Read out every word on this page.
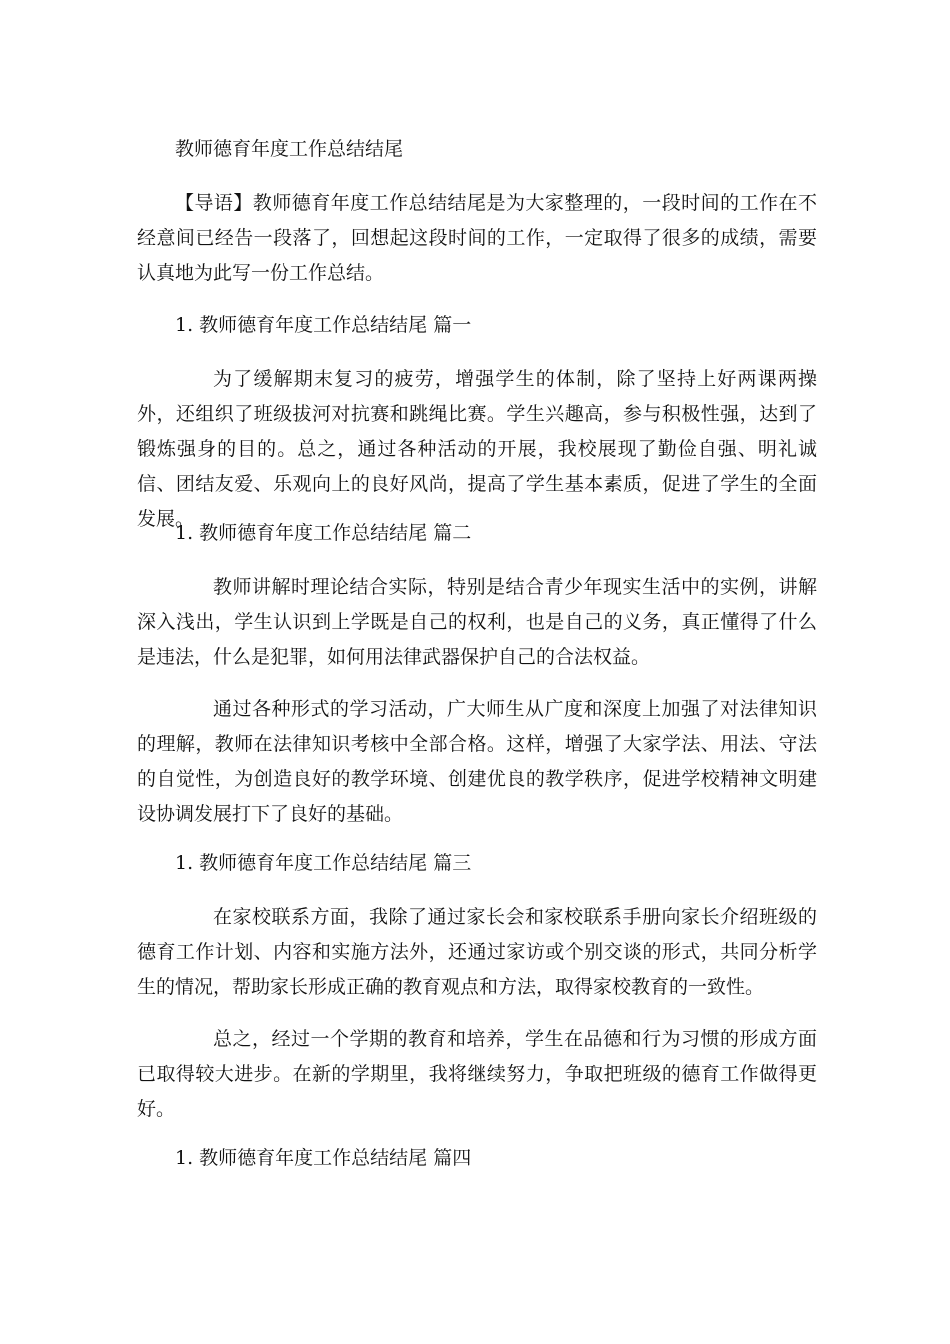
教师德育年度工作总结结尾
【导语】教师德育年度工作总结结尾是为大家整理的，一段时间的工作在不经意间已经告一段落了，回想起这段时间的工作，一定取得了很多的成绩，需要认真地为此写一份工作总结。
1. 教师德育年度工作总结结尾 篇一
为了缓解期末复习的疲劳，增强学生的体制，除了坚持上好两课两操外，还组织了班级拔河对抗赛和跳绳比赛。学生兴趣高，参与积极性强，达到了锻炼强身的目的。总之，通过各种活动的开展，我校展现了勤俭自强、明礼诚信、团结友爱、乐观向上的良好风尚，提高了学生基本素质，促进了学生的全面发展。
1. 教师德育年度工作总结结尾 篇二
教师讲解时理论结合实际，特别是结合青少年现实生活中的实例，讲解深入浅出，学生认识到上学既是自己的权利，也是自己的义务，真正懂得了什么是违法，什么是犯罪，如何用法律武器保护自己的合法权益。
通过各种形式的学习活动，广大师生从广度和深度上加强了对法律知识的理解，教师在法律知识考核中全部合格。这样，增强了大家学法、用法、守法的自觉性，为创造良好的教学环境、创建优良的教学秩序，促进学校精神文明建设协调发展打下了良好的基础。
1. 教师德育年度工作总结结尾 篇三
在家校联系方面，我除了通过家长会和家校联系手册向家长介绍班级的德育工作计划、内容和实施方法外，还通过家访或个别交谈的形式，共同分析学生的情况，帮助家长形成正确的教育观点和方法，取得家校教育的一致性。
总之，经过一个学期的教育和培养，学生在品德和行为习惯的形成方面已取得较大进步。在新的学期里，我将继续努力，争取把班级的德育工作做得更好。
1. 教师德育年度工作总结结尾 篇四
